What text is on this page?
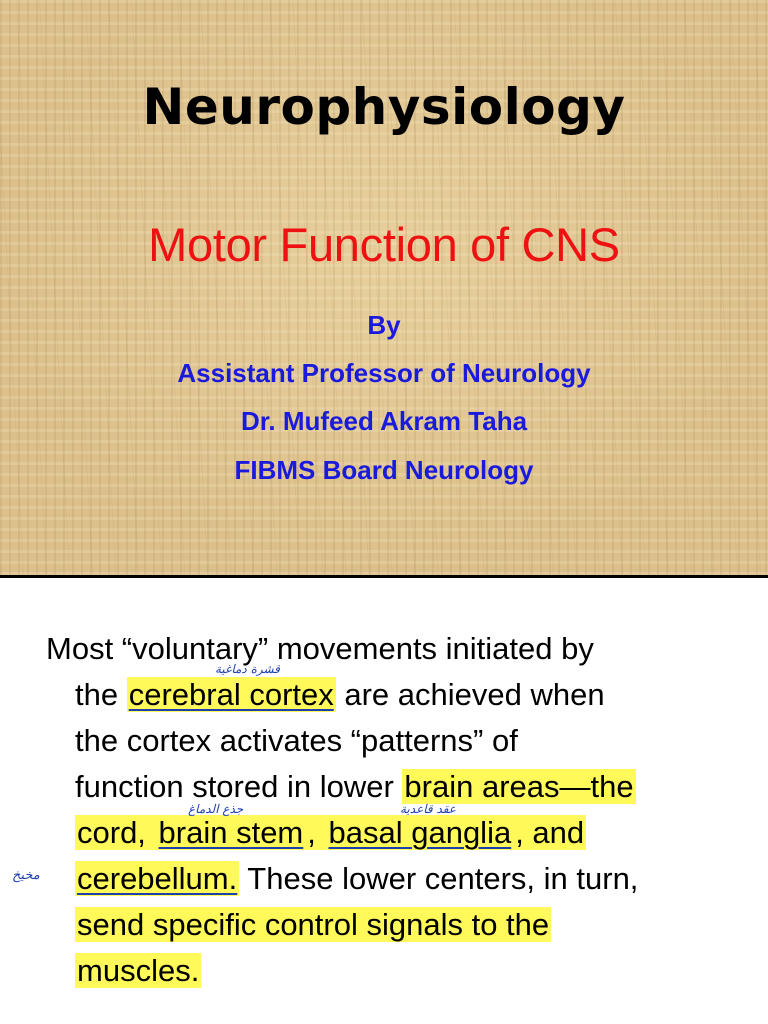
Neurophysiology
Motor Function of CNS
By
Assistant Professor of Neurology
Dr. Mufeed Akram Taha
FIBMS Board Neurology
Most “voluntary” movements initiated by
the cerebral cortex are achieved when
the cortex activates “patterns” of
function stored in lower brain areas—the
cord, brain stem , basal ganglia , and
cerebellum. These lower centers, in turn,
send specific control signals to the
muscles.
قشرة دماغية
جذع الدماغ	عقد قاعدية
مخيخ
